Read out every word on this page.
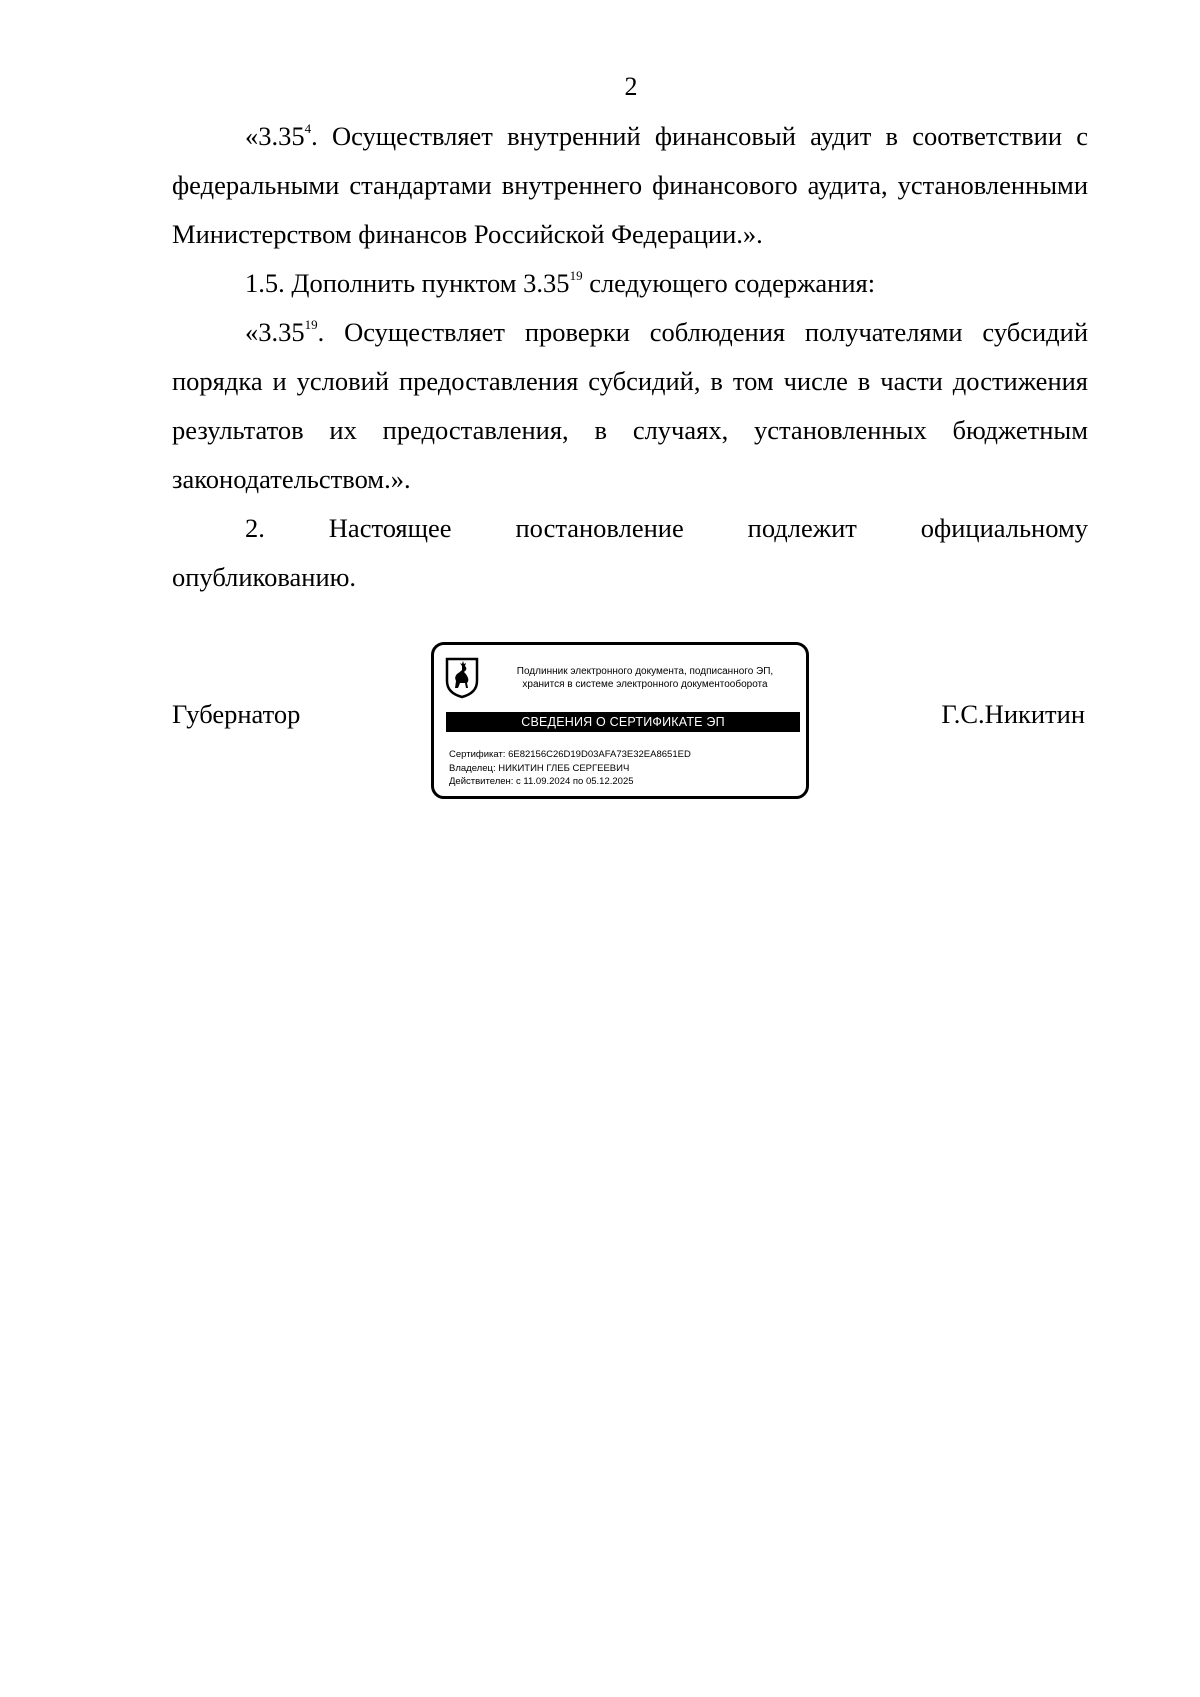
2

«3.35$^4$. Осуществляет внутренний финансовый аудит в соответствии с федеральными стандартами внутреннего финансового аудита, установленными Министерством финансов Российской Федерации.».

1.5. Дополнить пунктом 3.35$^{19}$ следующего содержания:

«3.35$^{19}$. Осуществляет проверки соблюдения получателями субсидий порядка и условий предоставления субсидий, в том числе в части достижения результатов их предоставления, в случаях, установленных бюджетным законодательством.».

2. Настоящее постановление подлежит официальному

опубликованию.

Губернатор	Г.С.Никитин
Подлинник электронного документа, подписанного ЭП,
хранится в системе электронного документооборота
СВЕДЕНИЯ О СЕРТИФИКАТЕ ЭП
Сертификат: 6E82156C26D19D03AFA73E32EA8651ED
Владелец: НИКИТИН ГЛЕБ СЕРГЕЕВИЧ
Действителен: с 11.09.2024 по 05.12.2025
